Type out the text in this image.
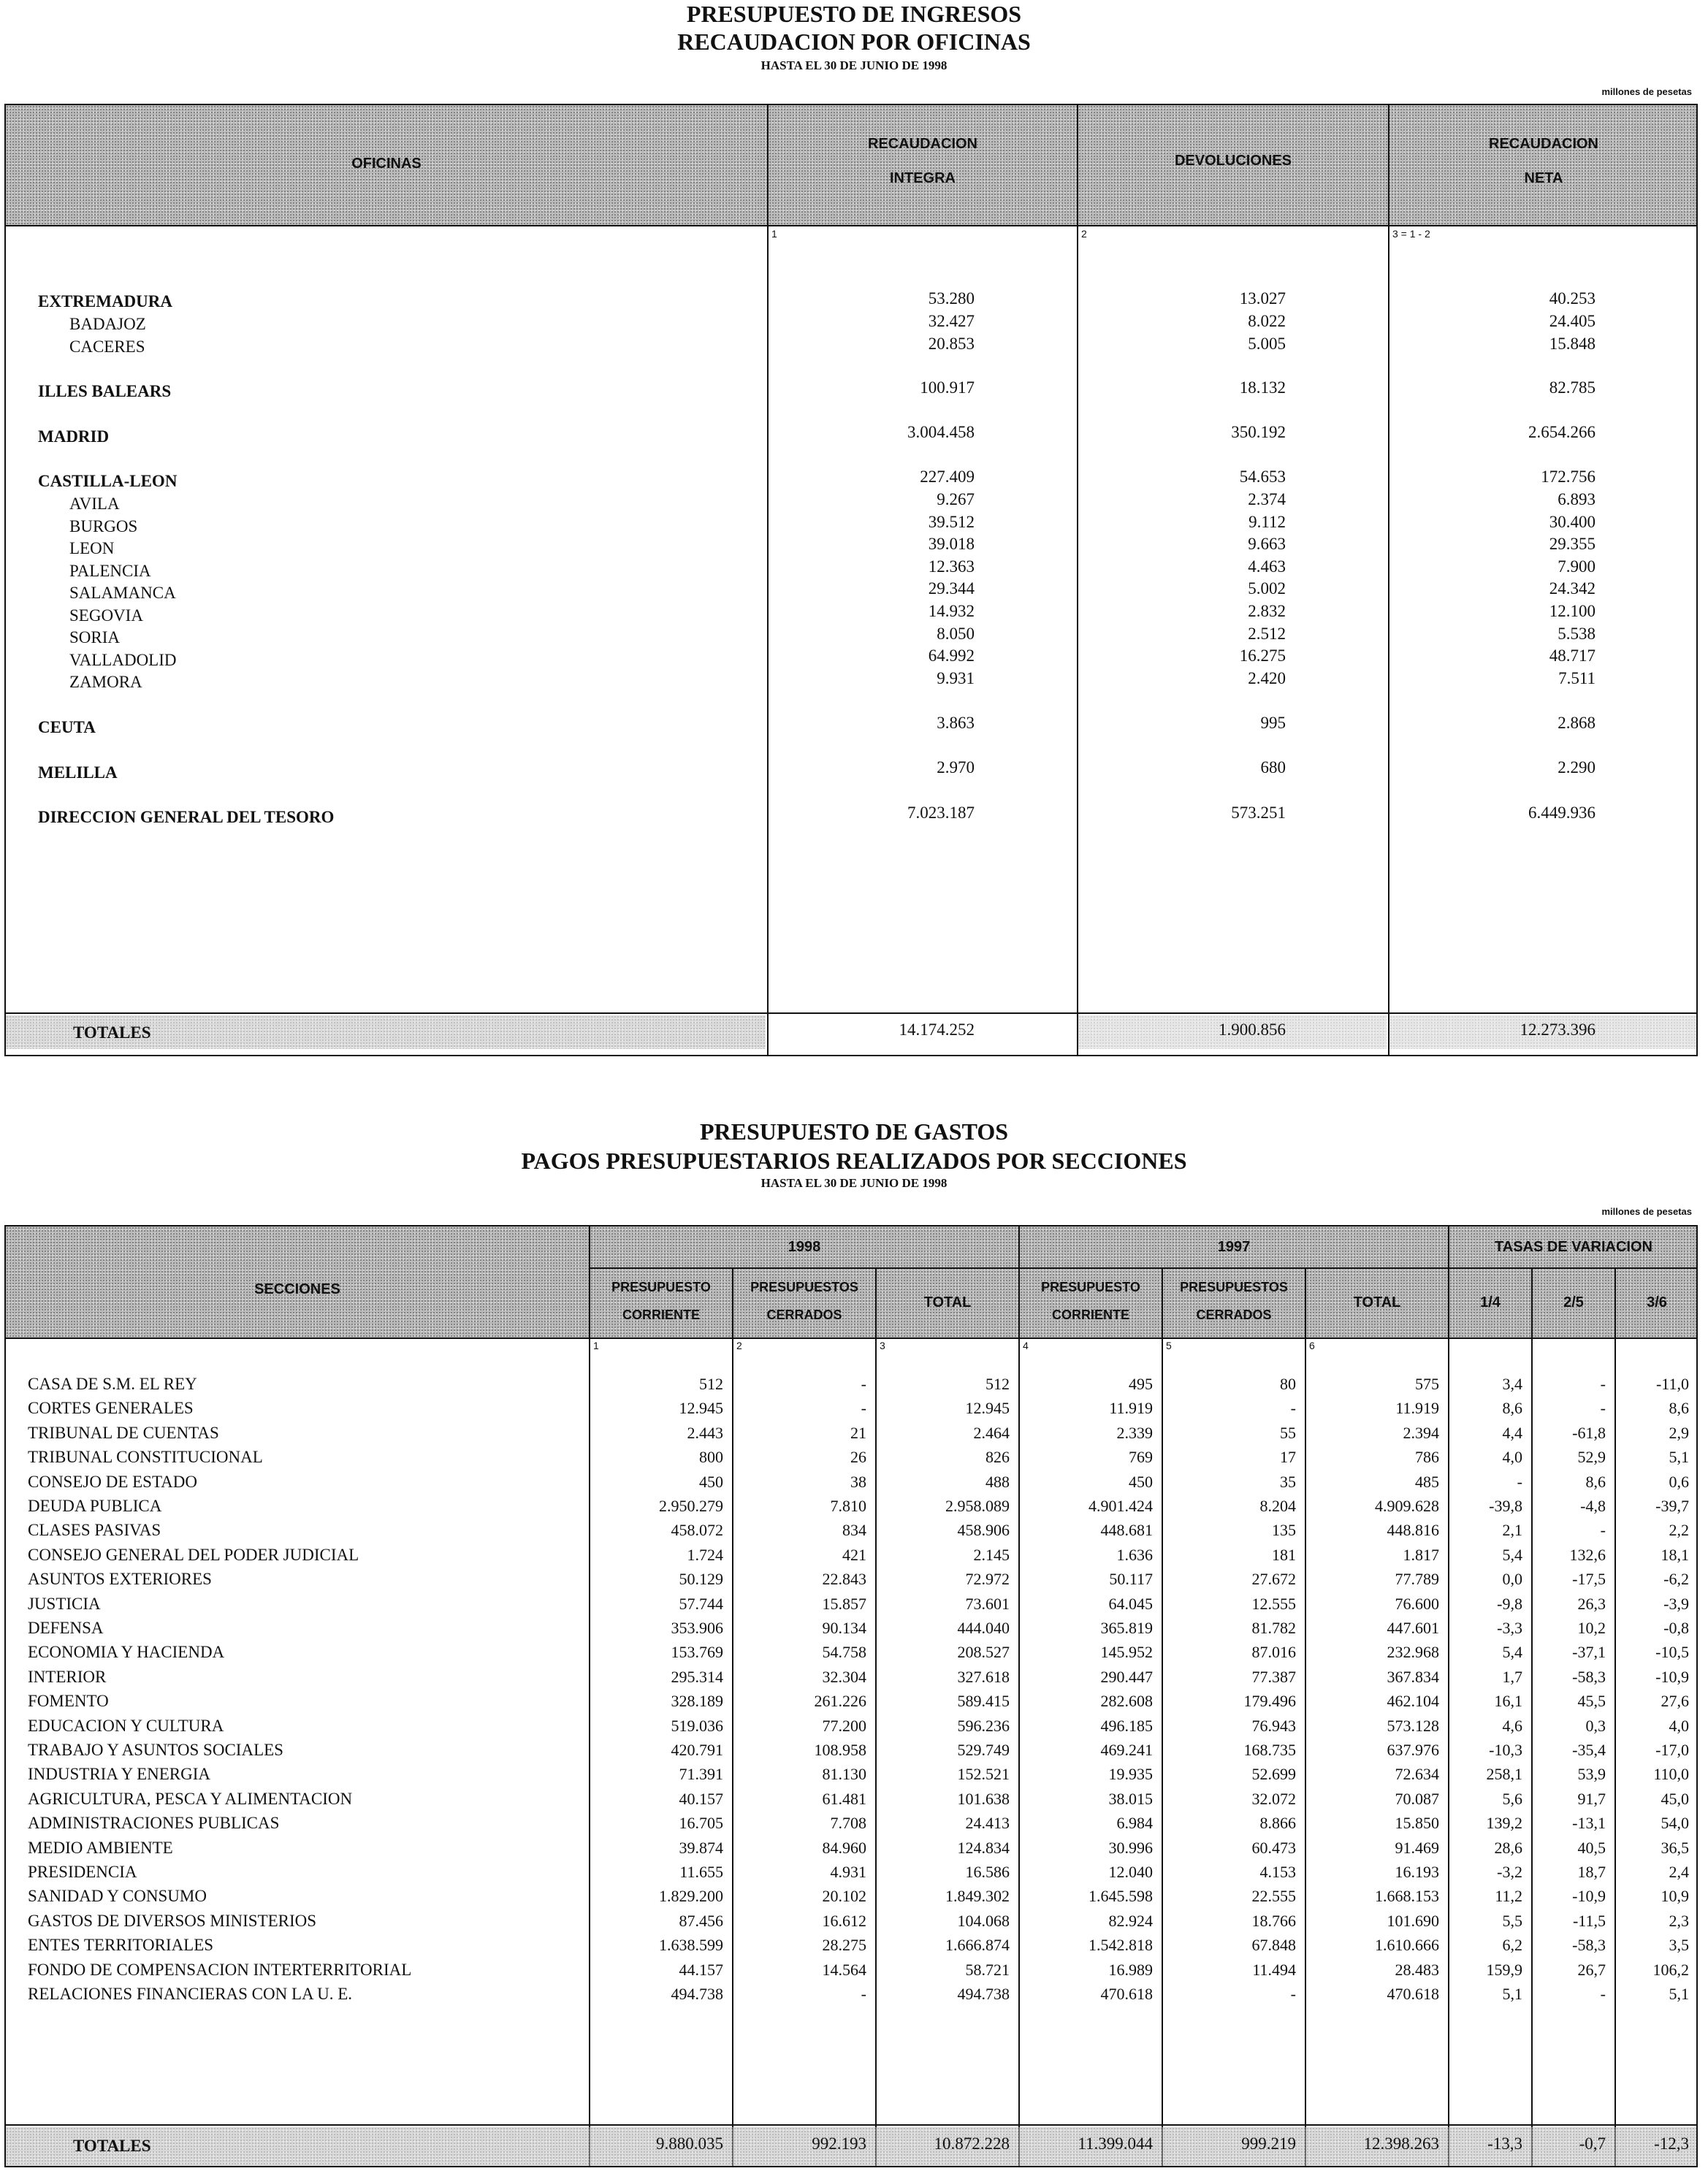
PRESUPUESTO DE INGRESOS
RECAUDACION POR OFICINAS
HASTA EL 30 DE JUNIO DE 1998
millones de pesetas
OFICINAS
RECAUDACION
INTEGRA
DEVOLUCIONES
RECAUDACION
NETA
1	2	3 = 1 - 2
EXTREMADURA	53.280	13.027	40.253
BADAJOZ	32.427	8.022	24.405
CACERES	20.853	5.005	15.848
ILLES BALEARS	100.917	18.132	82.785
MADRID	3.004.458	350.192	2.654.266
CASTILLA-LEON	227.409	54.653	172.756
AVILA	9.267	2.374	6.893
BURGOS	39.512	9.112	30.400
LEON	39.018	9.663	29.355
PALENCIA	12.363	4.463	7.900
SALAMANCA	29.344	5.002	24.342
SEGOVIA	14.932	2.832	12.100
SORIA	8.050	2.512	5.538
VALLADOLID	64.992	16.275	48.717
ZAMORA	9.931	2.420	7.511
CEUTA	3.863	995	2.868
MELILLA	2.970	680	2.290
DIRECCION GENERAL DEL TESORO	7.023.187	573.251	6.449.936
TOTALES	14.174.252	1.900.856	12.273.396
PRESUPUESTO DE GASTOS
PAGOS PRESUPUESTARIOS REALIZADOS POR SECCIONES
HASTA EL 30 DE JUNIO DE 1998
millones de pesetas
SECCIONES
1998	1997	TASAS DE VARIACION
PRESUPUESTO
CORRIENTE
PRESUPUESTOS
CERRADOS
TOTAL
PRESUPUESTO
CORRIENTE
PRESUPUESTOS
CERRADOS
TOTAL	1/4	2/5	3/6
1	2	3	4	5	6
CASA DE S.M. EL REY	512	-	512	495	80	575	3,4	-	-11,0
CORTES GENERALES	12.945	-	12.945	11.919	-	11.919	8,6	-	8,6
TRIBUNAL DE CUENTAS	2.443	21	2.464	2.339	55	2.394	4,4	-61,8	2,9
TRIBUNAL CONSTITUCIONAL	800	26	826	769	17	786	4,0	52,9	5,1
CONSEJO DE ESTADO	450	38	488	450	35	485	-	8,6	0,6
DEUDA PUBLICA	2.950.279	7.810	2.958.089	4.901.424	8.204	4.909.628	-39,8	-4,8	-39,7
CLASES PASIVAS	458.072	834	458.906	448.681	135	448.816	2,1	-	2,2
CONSEJO GENERAL DEL PODER JUDICIAL	1.724	421	2.145	1.636	181	1.817	5,4	132,6	18,1
ASUNTOS EXTERIORES	50.129	22.843	72.972	50.117	27.672	77.789	0,0	-17,5	-6,2
JUSTICIA	57.744	15.857	73.601	64.045	12.555	76.600	-9,8	26,3	-3,9
DEFENSA	353.906	90.134	444.040	365.819	81.782	447.601	-3,3	10,2	-0,8
ECONOMIA Y HACIENDA	153.769	54.758	208.527	145.952	87.016	232.968	5,4	-37,1	-10,5
INTERIOR	295.314	32.304	327.618	290.447	77.387	367.834	1,7	-58,3	-10,9
FOMENTO	328.189	261.226	589.415	282.608	179.496	462.104	16,1	45,5	27,6
EDUCACION Y CULTURA	519.036	77.200	596.236	496.185	76.943	573.128	4,6	0,3	4,0
TRABAJO Y ASUNTOS SOCIALES	420.791	108.958	529.749	469.241	168.735	637.976	-10,3	-35,4	-17,0
INDUSTRIA Y ENERGIA	71.391	81.130	152.521	19.935	52.699	72.634	258,1	53,9	110,0
AGRICULTURA, PESCA Y ALIMENTACION	40.157	61.481	101.638	38.015	32.072	70.087	5,6	91,7	45,0
ADMINISTRACIONES PUBLICAS	16.705	7.708	24.413	6.984	8.866	15.850	139,2	-13,1	54,0
MEDIO AMBIENTE	39.874	84.960	124.834	30.996	60.473	91.469	28,6	40,5	36,5
PRESIDENCIA	11.655	4.931	16.586	12.040	4.153	16.193	-3,2	18,7	2,4
SANIDAD Y CONSUMO	1.829.200	20.102	1.849.302	1.645.598	22.555	1.668.153	11,2	-10,9	10,9
GASTOS DE DIVERSOS MINISTERIOS	87.456	16.612	104.068	82.924	18.766	101.690	5,5	-11,5	2,3
ENTES TERRITORIALES	1.638.599	28.275	1.666.874	1.542.818	67.848	1.610.666	6,2	-58,3	3,5
FONDO DE COMPENSACION INTERTERRITORIAL	44.157	14.564	58.721	16.989	11.494	28.483	159,9	26,7	106,2
RELACIONES FINANCIERAS CON LA U. E.	494.738	-	494.738	470.618	-	470.618	5,1	-	5,1
TOTALES	9.880.035	992.193	10.872.228	11.399.044	999.219	12.398.263	-13,3	-0,7	-12,3
